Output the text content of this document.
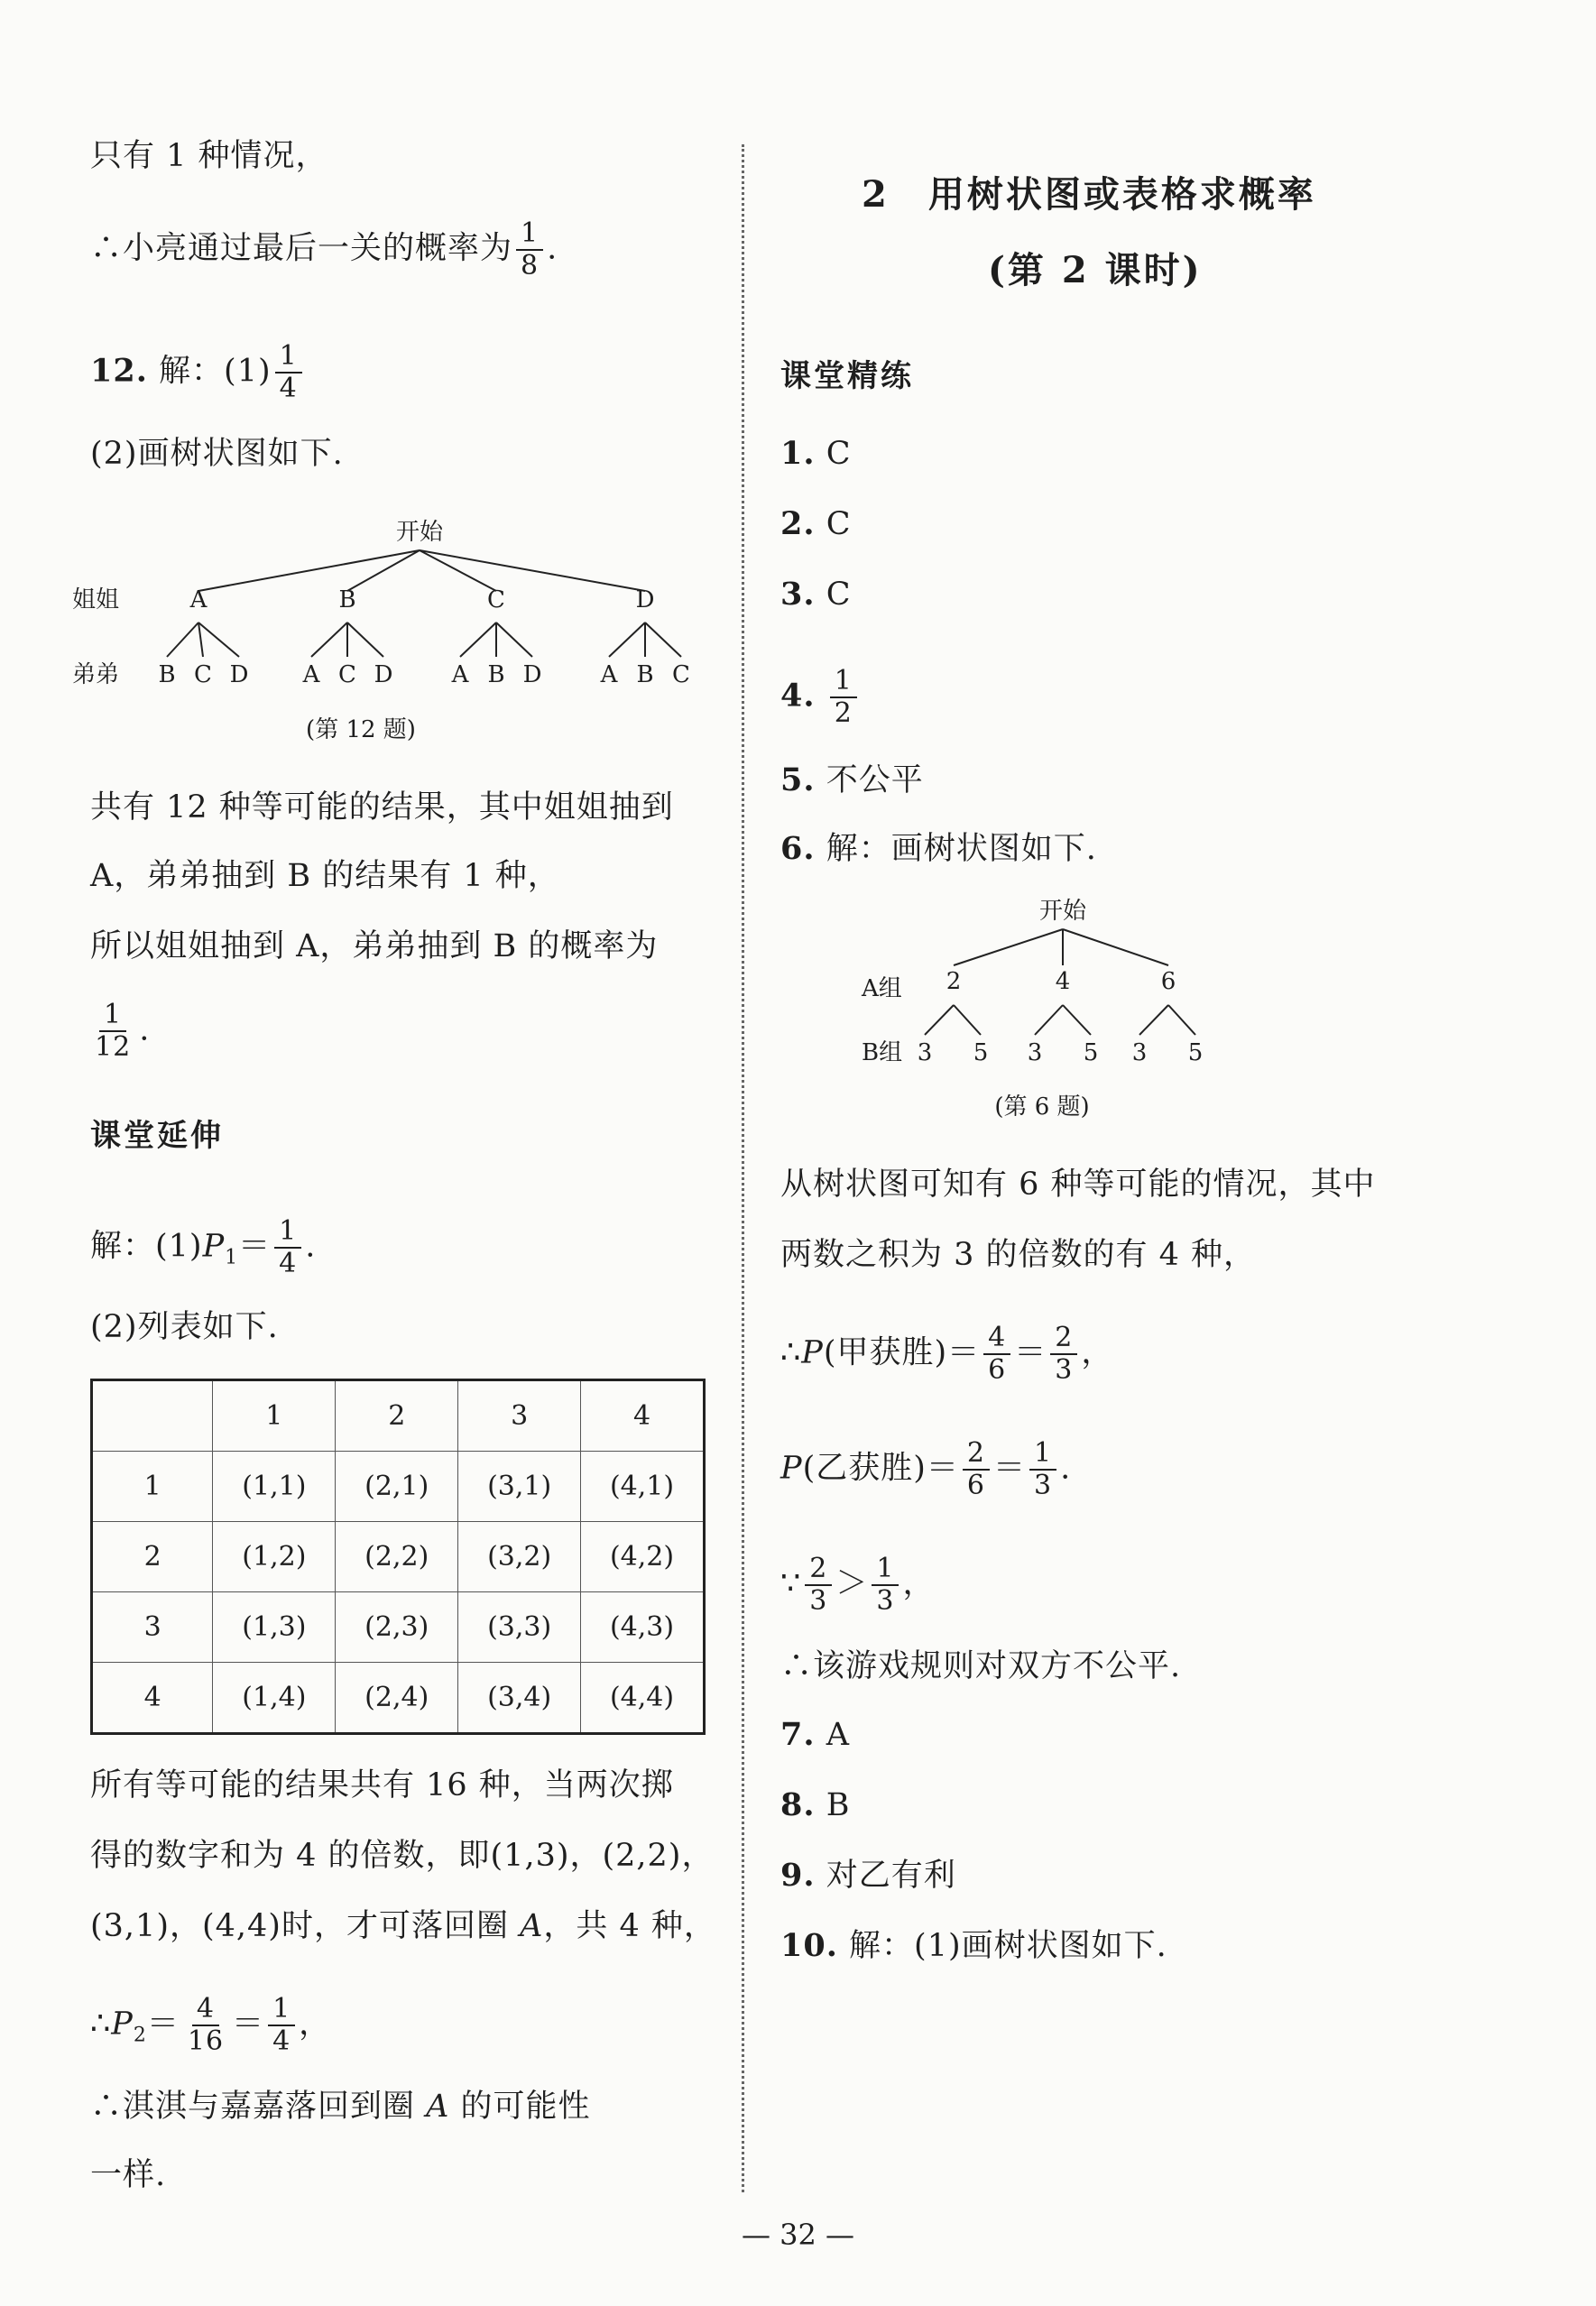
只有 1 种情况，
∴小亮通过最后一关的概率为 $\frac{1}{8}$ .
12. 解：$(1) \frac{1}{4}$
(2)画树状图如下.
开始
姐姐
弟弟
A	B	C	D
B C D A C D	A B D	A B C
(第 12 题)
共有 12 种等可能的结果，其中姐姐抽到
A，弟弟抽到 B 的结果有 1 种，
所以姐姐抽到 A，弟弟抽到 B 的概率为
$\frac{1}{12}$ .
课堂延伸
解：$(1)P_1= \frac{1}{4}$ .
(2)列表如下.
	1	2	3	4
1	(1,1)	(2,1)	(3,1)	(4,1)
2	(1,2)	(2,2)	(3,2)	(4,2)
3	(1,3)	(2,3)	(3,3)	(4,3)
4	(1,4)	(2,4)	(3,4)	(4,4)
所有等可能的结果共有 16 种，当两次掷
得的数字和为 4 的倍数，即(1,3)，(2,2)，
(3,1)，(4,4)时，才可落回圈 A，共 4 种，
$\therefore P_2= \frac{4}{16} = \frac{1}{4}$ ，
∴淇淇与嘉嘉落回到圈 A 的可能性
一样.
2　用树状图或表格求概率
(第 2 课时)
课堂精练
1. C
2. C
3. C
4. $\frac{1}{2}$
5. 不公平
6. 解：画树状图如下.
开始
A组
B组
2	4	6
3 5 3 5 3 5
(第 6 题)
从树状图可知有 6 种等可能的情况，其中
两数之积为 3 的倍数的有 4 种，
∴P(甲获胜)＝ $\frac{4}{6} = \frac{2}{3}$ ，
P(乙获胜)＝ $\frac{2}{6} = \frac{1}{3}$ .
∵ $\frac{2}{3} > \frac{1}{3}$ ，
∴该游戏规则对双方不公平.
7. A
8. B
9. 对乙有利
10. 解：(1)画树状图如下.
— 32 —
